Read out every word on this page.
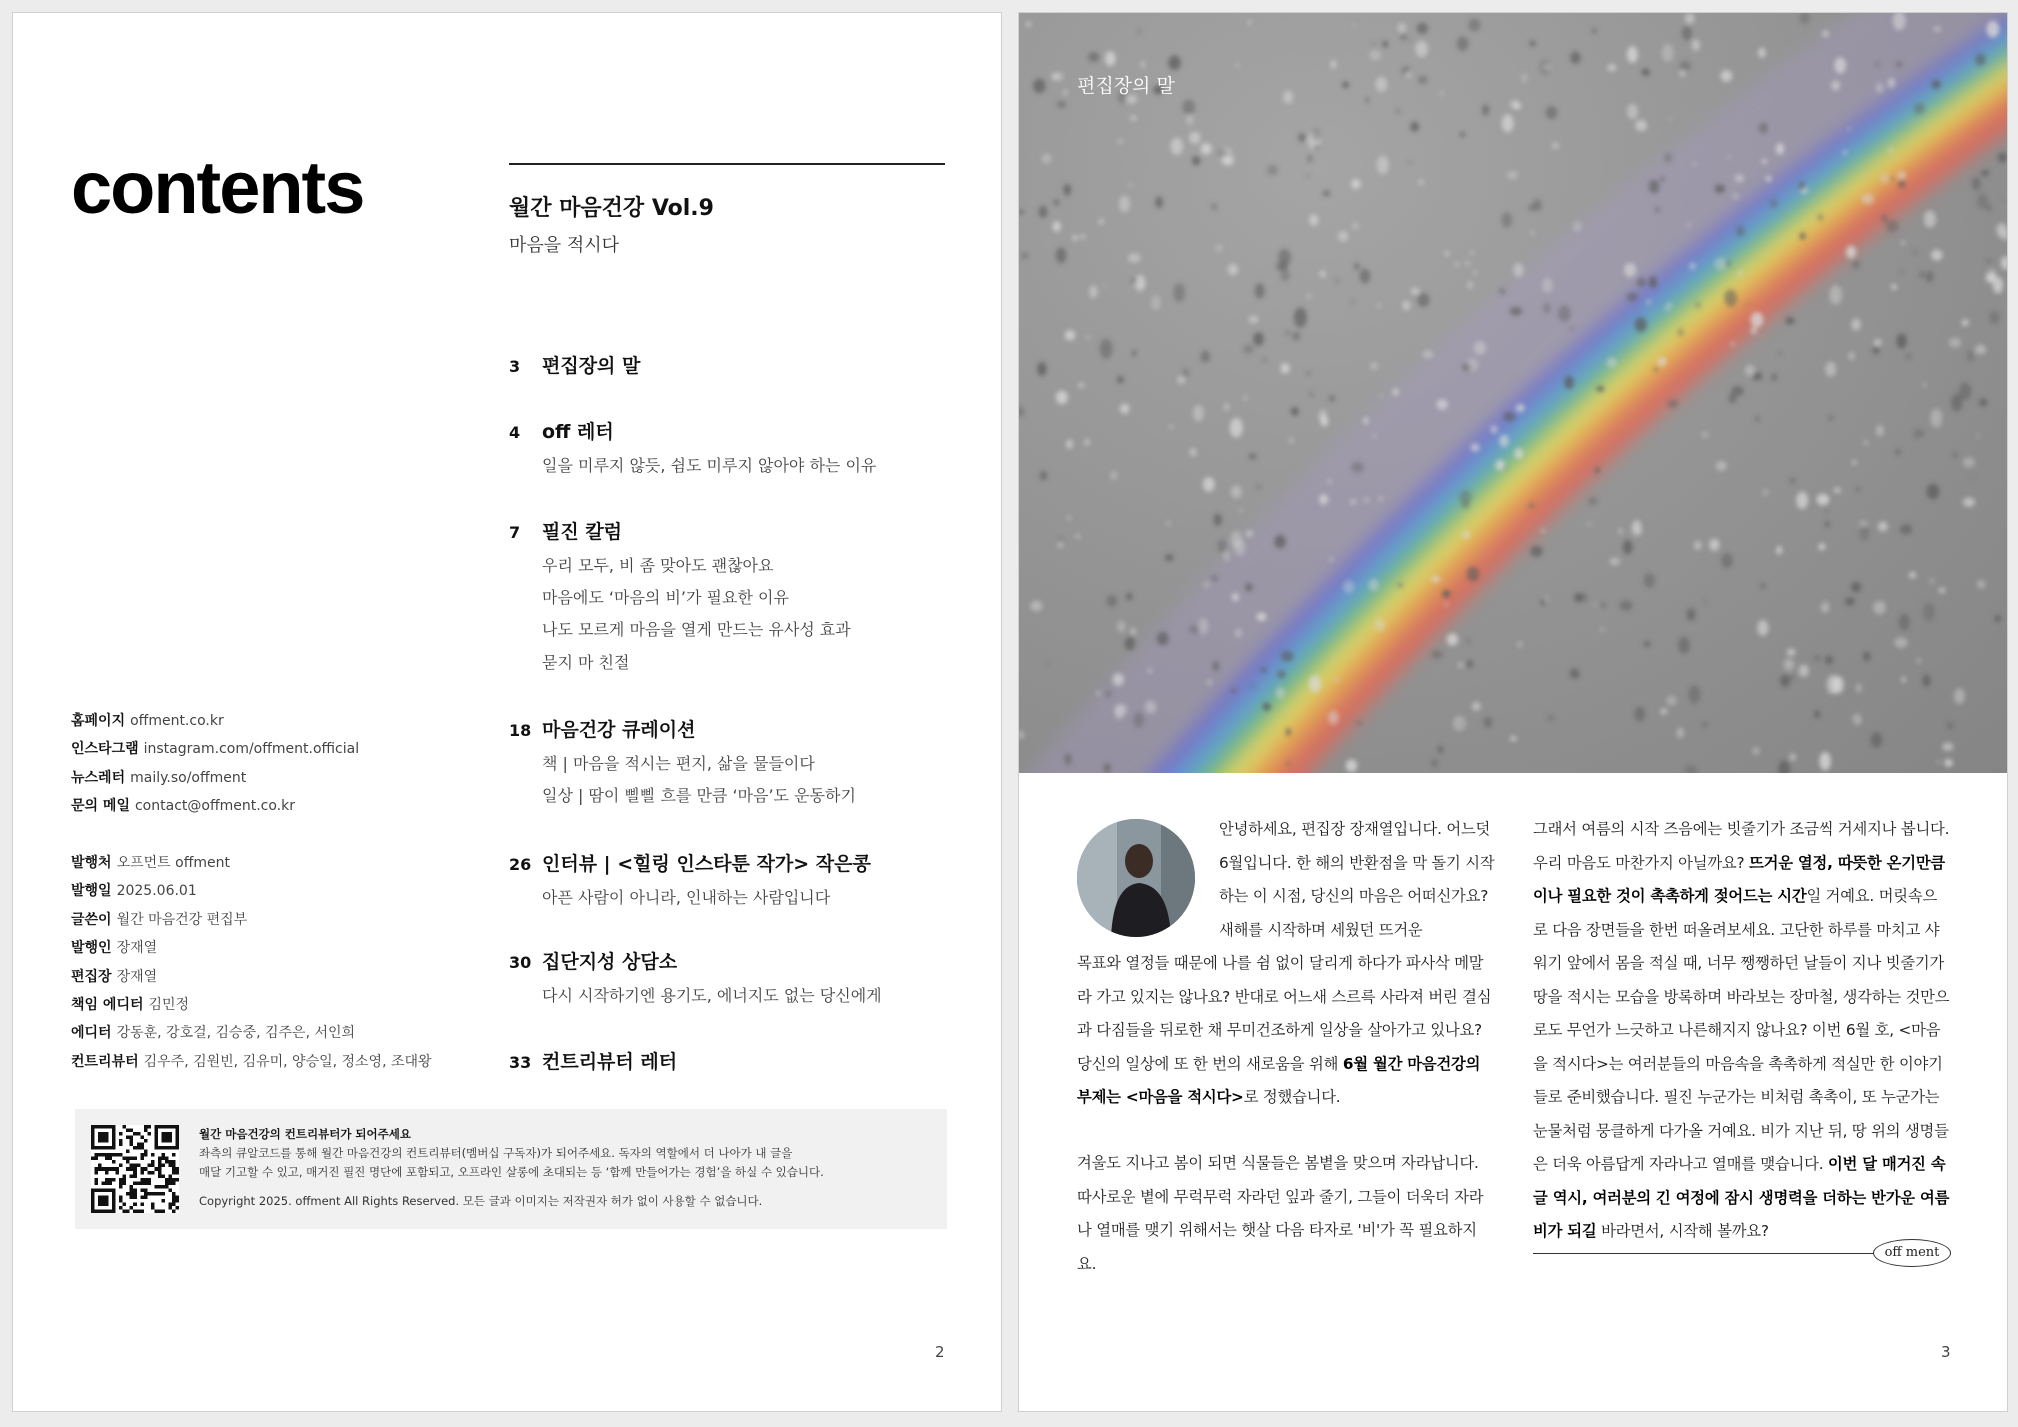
contents	월간 마음건강 Vol.9
마음을 적시다
3	편집장의 말
4	off 레터
일을 미루지 않듯, 쉼도 미루지 않아야 하는 이유
7	필진 칼럼
우리 모두, 비 좀 맞아도 괜찮아요
마음에도 ‘마음의 비’가 필요한 이유
나도 모르게 마음을 열게 만드는 유사성 효과
묻지 마 친절
18 마음건강 큐레이션
책 | 마음을 적시는 편지, 삶을 물들이다
일상 | 땀이 삘삘 흐를 만큼 ‘마음’도 운동하기
26 인터뷰 | <힐링 인스타툰 작가> 작은콩
아픈 사람이 아니라, 인내하는 사람입니다
30 집단지성 상담소
다시 시작하기엔 용기도, 에너지도 없는 당신에게
33 컨트리뷰터 레터
홈페이지 offment.co.kr
인스타그램 instagram.com/offment.official
뉴스레터 maily.so/offment
문의 메일 contact@offment.co.kr
발행처 오프먼트 offment
발행일 2025.06.01
글쓴이 월간 마음건강 편집부
발행인 장재열
편집장 장재열
책임 에디터 김민정
에디터 강동훈, 강호걸, 김승중, 김주은, 서인희
컨트리뷰터 김우주, 김원빈, 김유미, 양승일, 정소영, 조대왕
월간 마음건강의 컨트리뷰터가 되어주세요
좌측의 큐알코드를 통해 월간 마음건강의 컨트리뷰터(멤버십 구독자)가 되어주세요. 독자의 역할에서 더 나아가 내 글을
매달 기고할 수 있고, 매거진 필진 명단에 포함되고, 오프라인 살롱에 초대되는 등 ‘함께 만들어가는 경험’을 하실 수 있습니다.
Copyright 2025. offment All Rights Reserved. 모든 글과 이미지는 저작권자 허가 없이 사용할 수 없습니다.
2
편집장의 말
안녕하세요, 편집장 장재열입니다. 어느덧 6월입니다. 한 해의 반환점을 막 돌기 시작하는 이 시점, 당신의 마음은 어떠신가요? 새해를 시작하며 세웠던 뜨거운
목표와 열정들 때문에 나를 쉼 없이 달리게 하다가 파사삭 메말라 가고 있지는 않나요? 반대로 어느새 스르륵 사라져 버린 결심과 다짐들을 뒤로한 채 무미건조하게 일상을 살아가고 있나요? 당신의 일상에 또 한 번의 새로움을 위해 6월 월간 마음건강의 부제는 <마음을 적시다>로 정했습니다.
겨울도 지나고 봄이 되면 식물들은 봄볕을 맞으며 자라납니다. 따사로운 볕에 무럭무럭 자라던 잎과 줄기, 그들이 더욱더 자라나 열매를 맺기 위해서는 햇살 다음 타자로 '비'가 꼭 필요하지요.
그래서 여름의 시작 즈음에는 빗줄기가 조금씩 거세지나 봅니다. 우리 마음도 마찬가지 아닐까요? 뜨거운 열정, 따뜻한 온기만큼이나 필요한 것이 촉촉하게 젖어드는 시간일 거예요. 머릿속으로 다음 장면들을 한번 떠올려보세요. 고단한 하루를 마치고 샤워기 앞에서 몸을 적실 때, 너무 쨍쨍하던 날들이 지나 빗줄기가 땅을 적시는 모습을 방록하며 바라보는 장마철, 생각하는 것만으로도 무언가 느긋하고 나른해지지 않나요? 이번 6월 호, <마음을 적시다>는 여러분들의 마음속을 촉촉하게 적실만 한 이야기들로 준비했습니다. 필진 누군가는 비처럼 촉촉이, 또 누군가는 눈물처럼 뭉클하게 다가올 거예요. 비가 지난 뒤, 땅 위의 생명들은 더욱 아름답게 자라나고 열매를 맺습니다. 이번 달 매거진 속 글 역시, 여러분의 긴 여정에 잠시 생명력을 더하는 반가운 여름비가 되길 바라면서, 시작해 볼까요?
off ment
3
